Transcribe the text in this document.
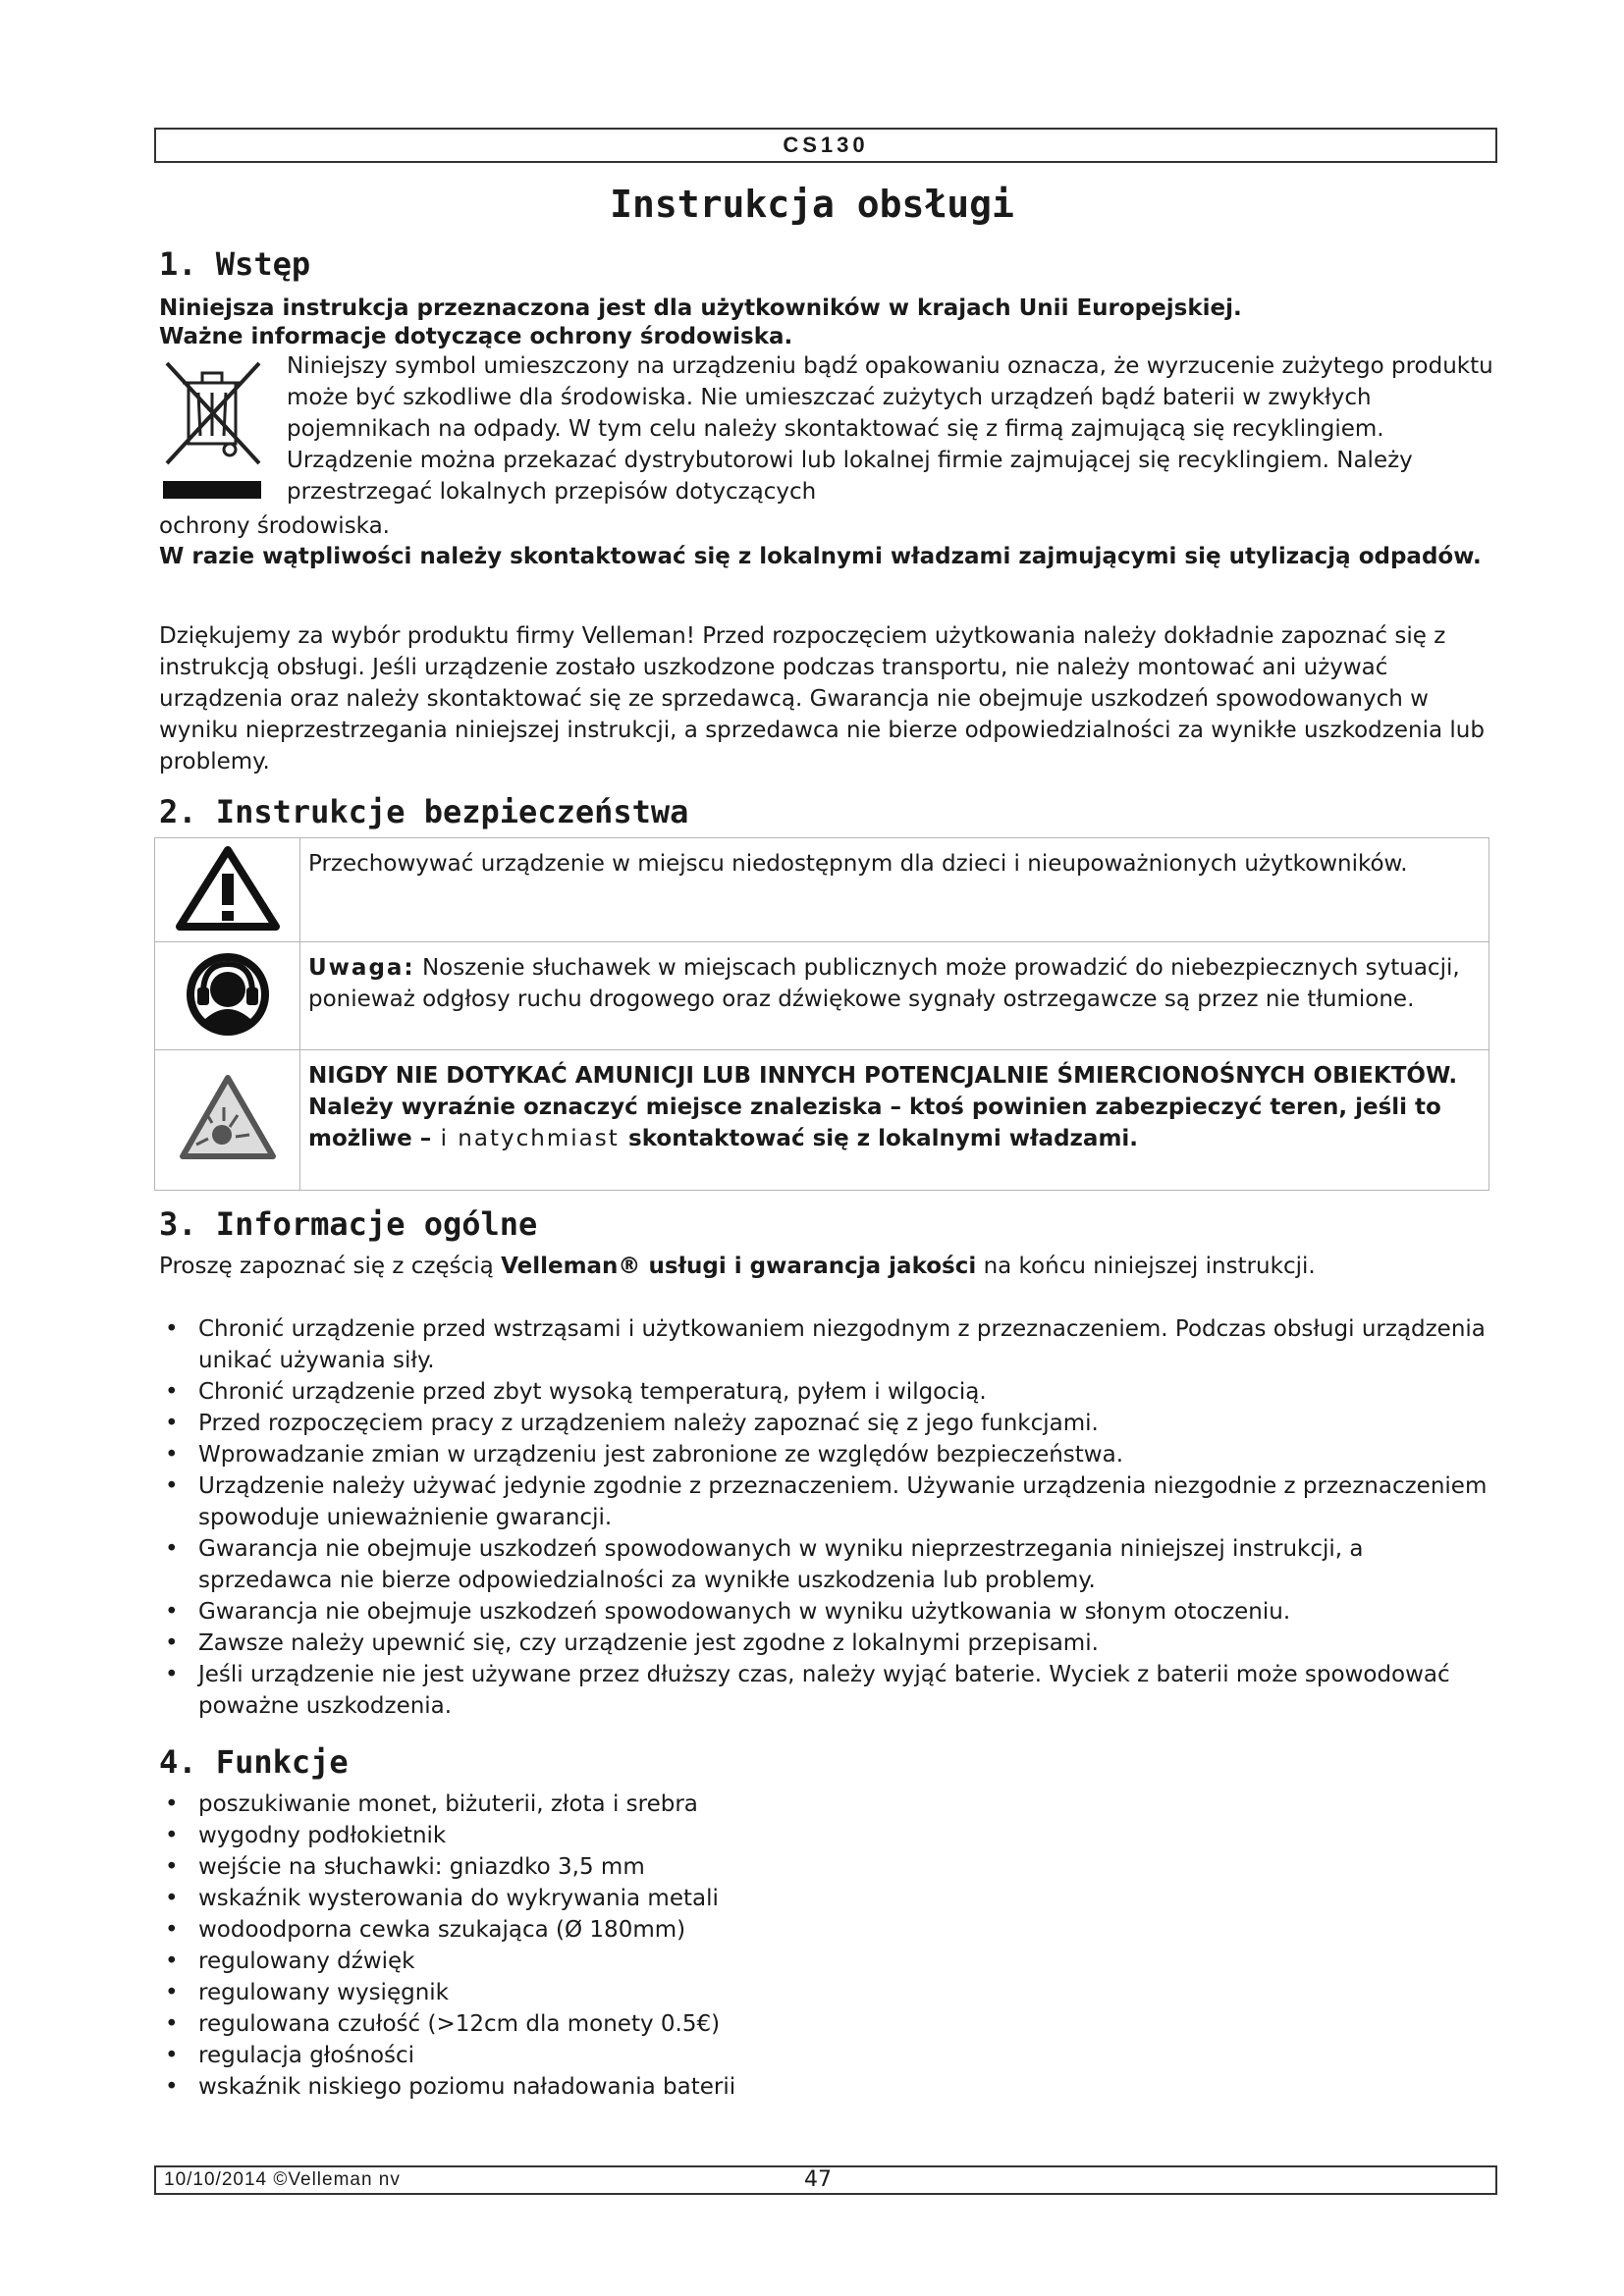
CS130
Instrukcja obsługi
1. Wstęp
Niniejsza instrukcja przeznaczona jest dla użytkowników w krajach Unii Europejskiej.
Ważne informacje dotyczące ochrony środowiska.
Niniejszy symbol umieszczony na urządzeniu bądź opakowaniu oznacza, że wyrzucenie zużytego produktu może być szkodliwe dla środowiska. Nie umieszczać zużytych urządzeń bądź baterii w zwykłych pojemnikach na odpady. W tym celu należy skontaktować się z firmą zajmującą się recyklingiem. Urządzenie można przekazać dystrybutorowi lub lokalnej firmie zajmującej się recyklingiem. Należy przestrzegać lokalnych przepisów dotyczących
ochrony środowiska.
W razie wątpliwości należy skontaktować się z lokalnymi władzami zajmującymi się utylizacją odpadów.
Dziękujemy za wybór produktu firmy Velleman! Przed rozpoczęciem użytkowania należy dokładnie zapoznać się z instrukcją obsługi. Jeśli urządzenie zostało uszkodzone podczas transportu, nie należy montować ani używać urządzenia oraz należy skontaktować się ze sprzedawcą. Gwarancja nie obejmuje uszkodzeń spowodowanych w wyniku nieprzestrzegania niniejszej instrukcji, a sprzedawca nie bierze odpowiedzialności za wynikłe uszkodzenia lub problemy.
2. Instrukcje bezpieczeństwa
	Przechowywać urządzenie w miejscu niedostępnym dla dzieci i nieupoważnionych użytkowników.
	Uwaga: Noszenie słuchawek w miejscach publicznych może prowadzić do niebezpiecznych sytuacji, ponieważ odgłosy ruchu drogowego oraz dźwiękowe sygnały ostrzegawcze są przez nie tłumione.
	NIGDY NIE DOTYKAĆ AMUNICJI LUB INNYCH POTENCJALNIE ŚMIERCIONOŚNYCH OBIEKTÓW. Należy wyraźnie oznaczyć miejsce znaleziska – ktoś powinien zabezpieczyć teren, jeśli to możliwe – i natychmiast skontaktować się z lokalnymi władzami.
3. Informacje ogólne
Proszę zapoznać się z częścią Velleman® usługi i gwarancja jakości na końcu niniejszej instrukcji.
• Chronić urządzenie przed wstrząsami i użytkowaniem niezgodnym z przeznaczeniem. Podczas obsługi urządzenia unikać używania siły.
• Chronić urządzenie przed zbyt wysoką temperaturą, pyłem i wilgocią.
• Przed rozpoczęciem pracy z urządzeniem należy zapoznać się z jego funkcjami.
• Wprowadzanie zmian w urządzeniu jest zabronione ze względów bezpieczeństwa.
• Urządzenie należy używać jedynie zgodnie z przeznaczeniem. Używanie urządzenia niezgodnie z przeznaczeniem spowoduje unieważnienie gwarancji.
• Gwarancja nie obejmuje uszkodzeń spowodowanych w wyniku nieprzestrzegania niniejszej instrukcji, a sprzedawca nie bierze odpowiedzialności za wynikłe uszkodzenia lub problemy.
• Gwarancja nie obejmuje uszkodzeń spowodowanych w wyniku użytkowania w słonym otoczeniu.
• Zawsze należy upewnić się, czy urządzenie jest zgodne z lokalnymi przepisami.
• Jeśli urządzenie nie jest używane przez dłuższy czas, należy wyjąć baterie. Wyciek z baterii może spowodować poważne uszkodzenia.
4. Funkcje
• poszukiwanie monet, biżuterii, złota i srebra
• wygodny podłokietnik
• wejście na słuchawki: gniazdko 3,5 mm
• wskaźnik wysterowania do wykrywania metali
• wodoodporna cewka szukająca (Ø 180mm)
• regulowany dźwięk
• regulowany wysięgnik
• regulowana czułość (>12cm dla monety 0.5€)
• regulacja głośności
• wskaźnik niskiego poziomu naładowania baterii
10/10/2014 ©Velleman nv	47
